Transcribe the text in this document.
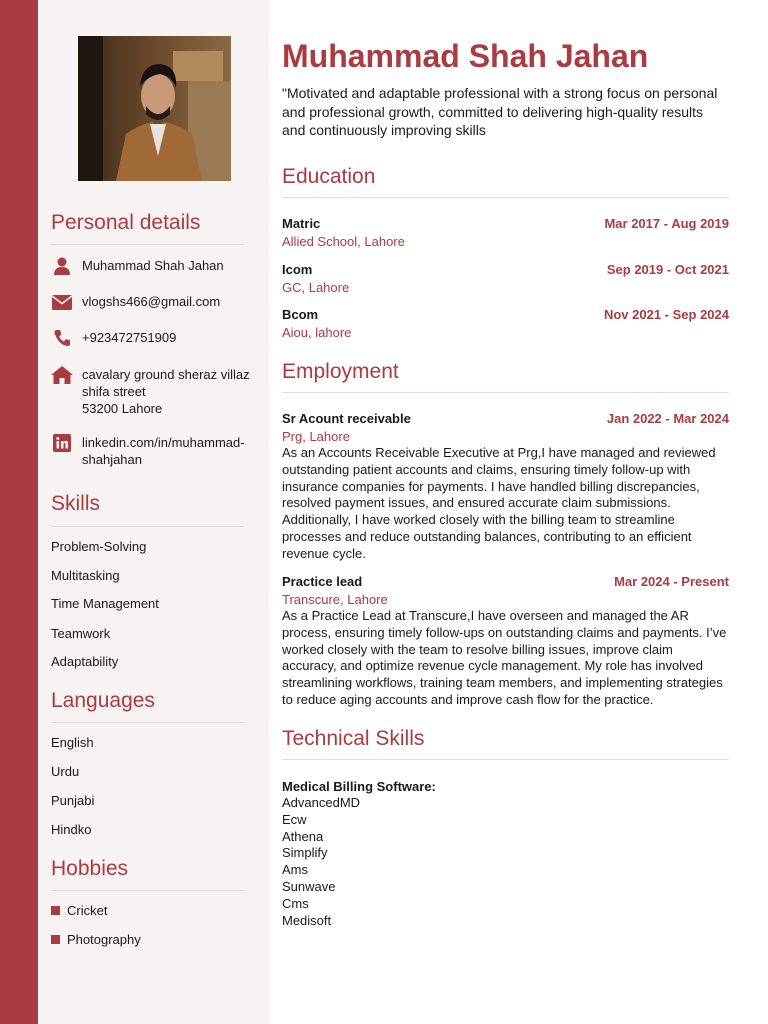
Personal details
Muhammad Shah Jahan
vlogshs466@gmail.com
+923472751909
cavalary ground sheraz villaz
shifa street
53200 Lahore
linkedin.com/in/muhammad-
shahjahan
Skills
Problem-Solving
Multitasking
Time Management
Teamwork
Adaptability
Languages
English
Urdu
Punjabi
Hindko
Hobbies
Cricket
Photography
Muhammad Shah Jahan
"Motivated and adaptable professional with a strong focus on personal and professional growth, committed to delivering high-quality results and continuously improving skills
Education
Matric	Mar 2017 - Aug 2019
Allied School, Lahore
Icom	Sep 2019 - Oct 2021
GC, Lahore
Bcom	Nov 2021 - Sep 2024
Aiou, lahore
Employment
Sr Acount receivable	Jan 2022 - Mar 2024
Prg, Lahore
As an Accounts Receivable Executive at Prg,I have managed and reviewed outstanding patient accounts and claims, ensuring timely follow-up with insurance companies for payments. I have handled billing discrepancies, resolved payment issues, and ensured accurate claim submissions. Additionally, I have worked closely with the billing team to streamline processes and reduce outstanding balances, contributing to an efficient revenue cycle.
Practice lead	Mar 2024 - Present
Transcure, Lahore
As a Practice Lead at Transcure,I have overseen and managed the AR process, ensuring timely follow-ups on outstanding claims and payments. I’ve worked closely with the team to resolve billing issues, improve claim accuracy, and optimize revenue cycle management. My role has involved streamlining workflows, training team members, and implementing strategies to reduce aging accounts and improve cash flow for the practice.
Technical Skills
Medical Billing Software:
AdvancedMD
Ecw
Athena
Simplify
Ams
Sunwave
Cms
Medisoft
